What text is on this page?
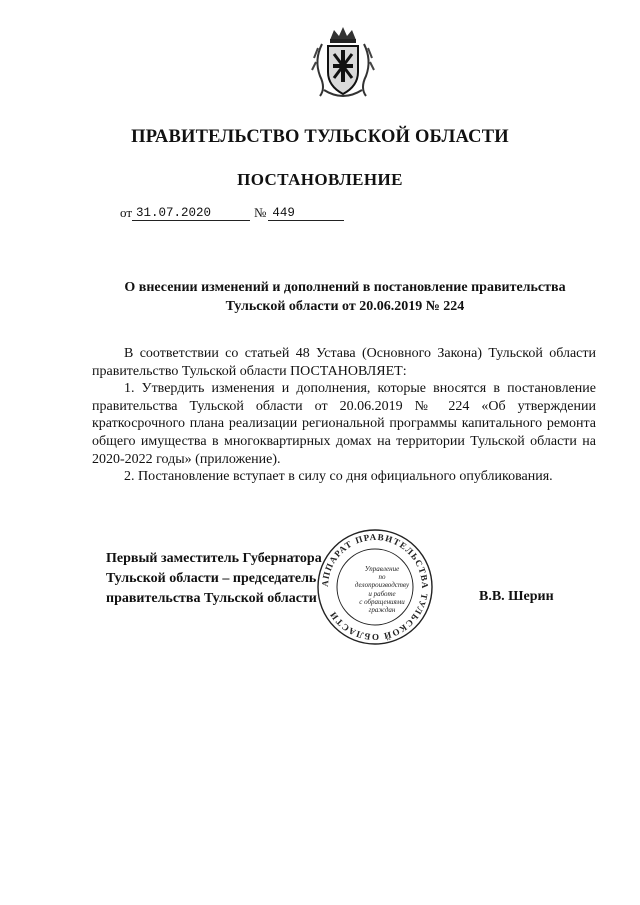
ПРАВИТЕЛЬСТВО ТУЛЬСКОЙ ОБЛАСТИ
ПОСТАНОВЛЕНИЕ
от 31.07.2020	№ 449
О внесении изменений и дополнений в постановление правительства
Тульской области от 20.06.2019 № 224

В соответствии со статьей 48 Устава (Основного Закона) Тульской области правительство Тульской области ПОСТАНОВЛЯЕТ:

1. Утвердить изменения и дополнения, которые вносятся в постановление правительства Тульской области от 20.06.2019 № 224 «Об утверждении краткосрочного плана реализации региональной программы капитального ремонта общего имущества в многоквартирных домах на территории Тульской области на 2020-2022 годы» (приложение).

2. Постановление вступает в силу со дня официального опубликования.

Первый заместитель Губернатора
Тульской области – председатель
правительства Тульской области	В.В. Шерин
АППАРАТ ПРАВИТЕЛЬСТВА ТУЛЬСКОЙ ОБЛАСТИ
Управление
по делопроизводству
и работе
с обращениями
граждан
